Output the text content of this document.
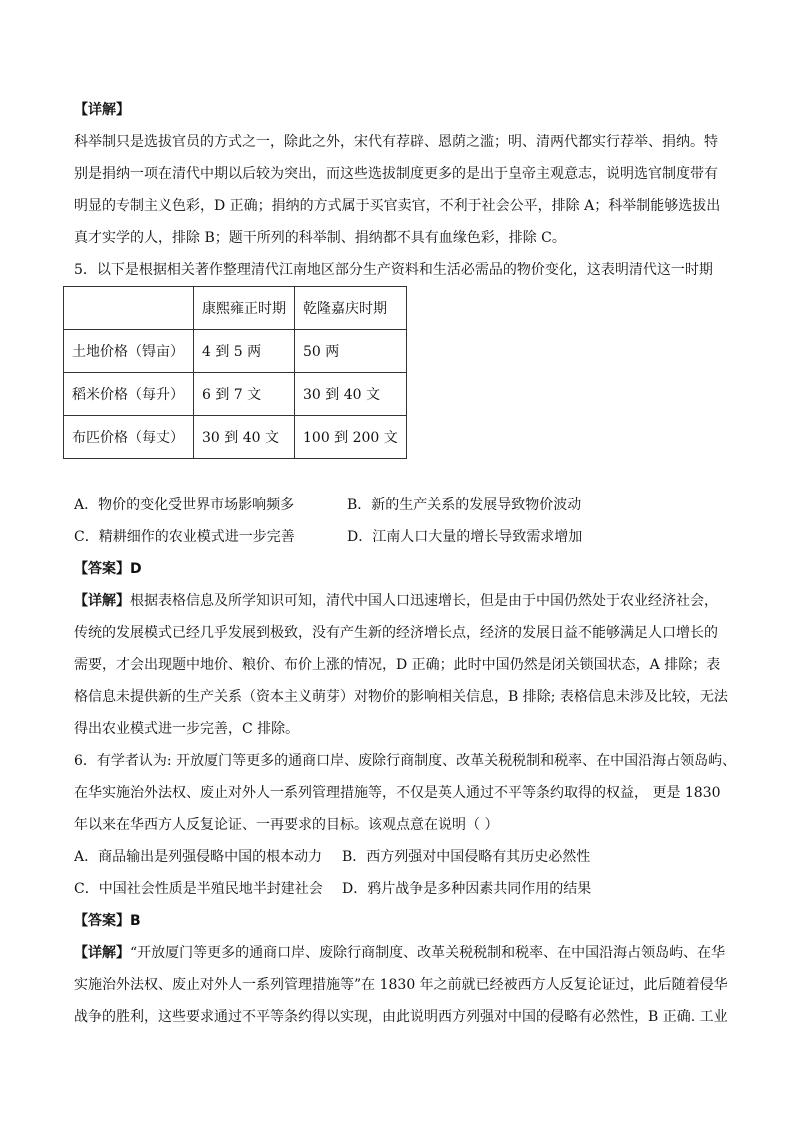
【详解】
科举制只是选拔官员的方式之一，除此之外，宋代有荐辟、恩荫之滥；明、清两代都实行荐举、捐纳。特
别是捐纳一项在清代中期以后较为突出，而这些选拔制度更多的是出于皇帝主观意志，说明选官制度带有
明显的专制主义色彩，D 正确；捐纳的方式属于买官卖官，不利于社会公平，排除 A；科举制能够选拔出
真才实学的人，排除 B；题干所列的科举制、捐纳都不具有血缘色彩，排除 C。
5．以下是根据相关著作整理清代江南地区部分生产资料和生活必需品的物价变化，这表明清代这一时期
	康熙雍正时期	乾隆嘉庆时期
土地价格（锝亩）	4 到 5 两	50 两
稻米价格（每升）	6 到 7 文	30 到 40 文
布匹价格（每丈）	30 到 40 文	100 到 200 文
A．物价的变化受世界市场影响频多	B．新的生产关系的发展导致物价波动
C．精耕细作的农业模式进一步完善	D．江南人口大量的增长导致需求增加
【答案】D
【详解】根据表格信息及所学知识可知，清代中国人口迅速增长，但是由于中国仍然处于农业经济社会，
传统的发展模式已经几乎发展到极致，没有产生新的经济增长点，经济的发展日益不能够满足人口增长的
需要，才会出现题中地价、粮价、布价上涨的情况，D 正确；此时中国仍然是闭关锁国状态，A 排除；表
格信息未提供新的生产关系（资本主义萌芽）对物价的影响相关信息，B 排除; 表格信息未涉及比较，无法
得出农业模式进一步完善，C 排除。
6．有学者认为: 开放厦门等更多的通商口岸、废除行商制度、改革关税税制和税率、在中国沿海占领岛屿、
在华实施治外法权、废止对外人一系列管理措施等，不仅是英人通过不平等条约取得的权益， 更是 1830
年以来在华西方人反复论证、一再要求的目标。该观点意在说明（ ）
A．商品输出是列强侵略中国的根本动力 B．西方列强对中国侵略有其历史必然性
C．中国社会性质是半殖民地半封建社会 D．鸦片战争是多种因素共同作用的结果
【答案】B
【详解】“开放厦门等更多的通商口岸、废除行商制度、改革关税税制和税率、在中国沿海占领岛屿、在华
实施治外法权、废止对外人一系列管理措施等”在 1830 年之前就已经被西方人反复论证过，此后随着侵华
战争的胜利，这些要求通过不平等条约得以实现，由此说明西方列强对中国的侵略有必然性，B 正确. 工业
